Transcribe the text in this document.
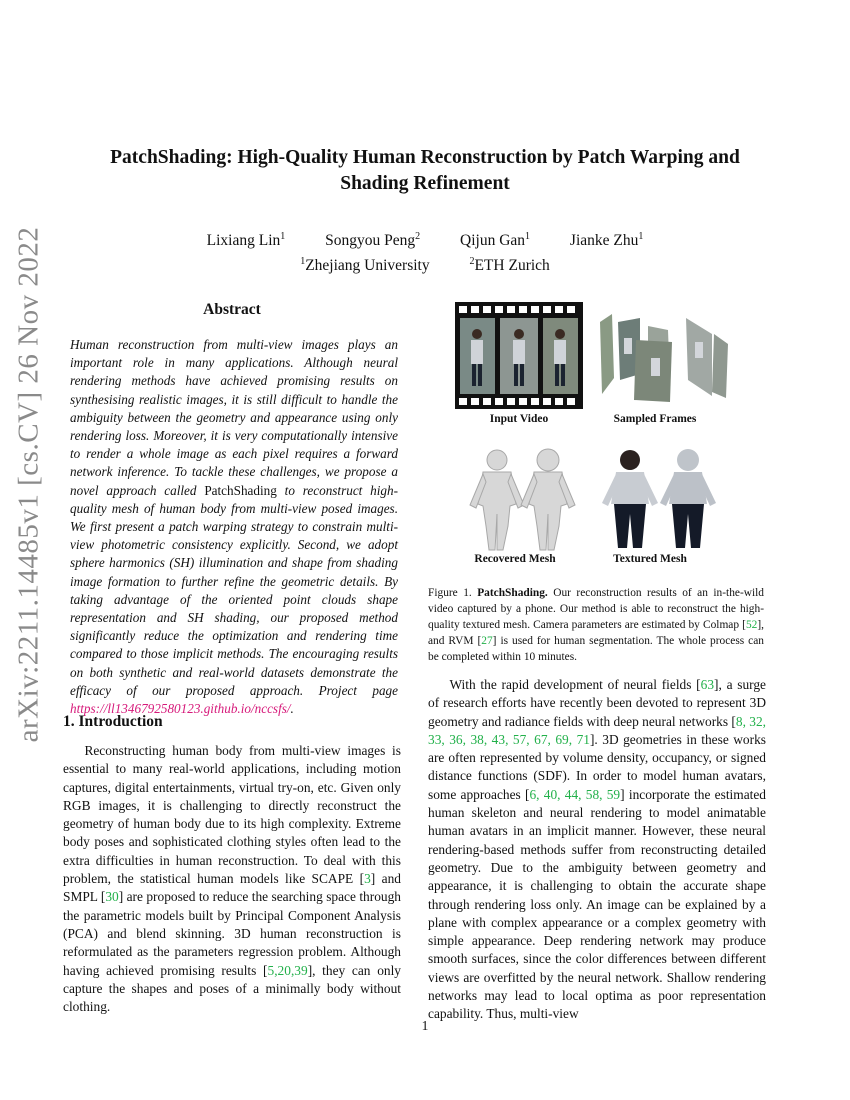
arXiv:2211.14485v1 [cs.CV] 26 Nov 2022
PatchShading: High-Quality Human Reconstruction by Patch Warping and
Shading Refinement
Lixiang Lin$^1$	Songyou Peng$^2$	Qijun Gan$^1$	Jianke Zhu$^1$
$^1$Zhejiang University	$^2$ETH Zurich
Abstract
Human reconstruction from multi-view images plays an important role in many applications. Although neural rendering methods have achieved promising results on synthesising realistic images, it is still difficult to handle the ambiguity between the geometry and appearance using only rendering loss. Moreover, it is very computationally intensive to render a whole image as each pixel requires a forward network inference. To tackle these challenges, we propose a novel approach called PatchShading to reconstruct high-quality mesh of human body from multi-view posed images. We first present a patch warping strategy to constrain multi-view photometric consistency explicitly. Second, we adopt sphere harmonics (SH) illumination and shape from shading image formation to further refine the geometric details. By taking advantage of the oriented point clouds shape representation and SH shading, our proposed method significantly reduce the optimization and rendering time compared to those implicit methods. The encouraging results on both synthetic and real-world datasets demonstrate the efficacy of our proposed approach. Project page https://ll1346792580123.github.io/nccsfs/.
1. Introduction

Reconstructing human body from multi-view images is essential to many real-world applications, including motion captures, digital entertainments, virtual try-on, etc. Given only RGB images, it is challenging to directly reconstruct the geometry of human body due to its high complexity. Extreme body poses and sophisticated clothing styles often lead to the extra difficulties in human reconstruction. To deal with this problem, the statistical human models like SCAPE [3] and SMPL [30] are proposed to reduce the searching space through the parametric models built by Principal Component Analysis (PCA) and blend skinning. 3D human reconstruction is reformulated as the parameters regression problem. Although having achieved promising results [5,20,39], they can only capture the shapes and poses of a minimally body without clothing.

Input Video	Sampled Frames
Recovered Mesh	Textured Mesh
Figure 1. PatchShading. Our reconstruction results of an in-the-wild video captured by a phone. Our method is able to reconstruct the high-quality textured mesh. Camera parameters are estimated by Colmap [52], and RVM [27] is used for human segmentation. The whole process can be completed within 10 minutes.

With the rapid development of neural fields [63], a surge of research efforts have recently been devoted to represent 3D geometry and radiance fields with deep neural networks [8, 32, 33, 36, 38, 43, 57, 67, 69, 71]. 3D geometries in these works are often represented by volume density, occupancy, or signed distance functions (SDF). In order to model human avatars, some approaches [6, 40, 44, 58, 59] incorporate the estimated human skeleton and neural rendering to model animatable human avatars in an implicit manner. However, these neural rendering-based methods suffer from reconstructing detailed geometry. Due to the ambiguity between geometry and appearance, it is challenging to obtain the accurate shape through rendering loss only. An image can be explained by a plane with complex appearance or a complex geometry with simple appearance. Deep rendering network may produce smooth surfaces, since the color differences between different views are overfitted by the neural network. Shallow rendering networks may lead to local optima as poor representation capability. Thus, multi-view

1
